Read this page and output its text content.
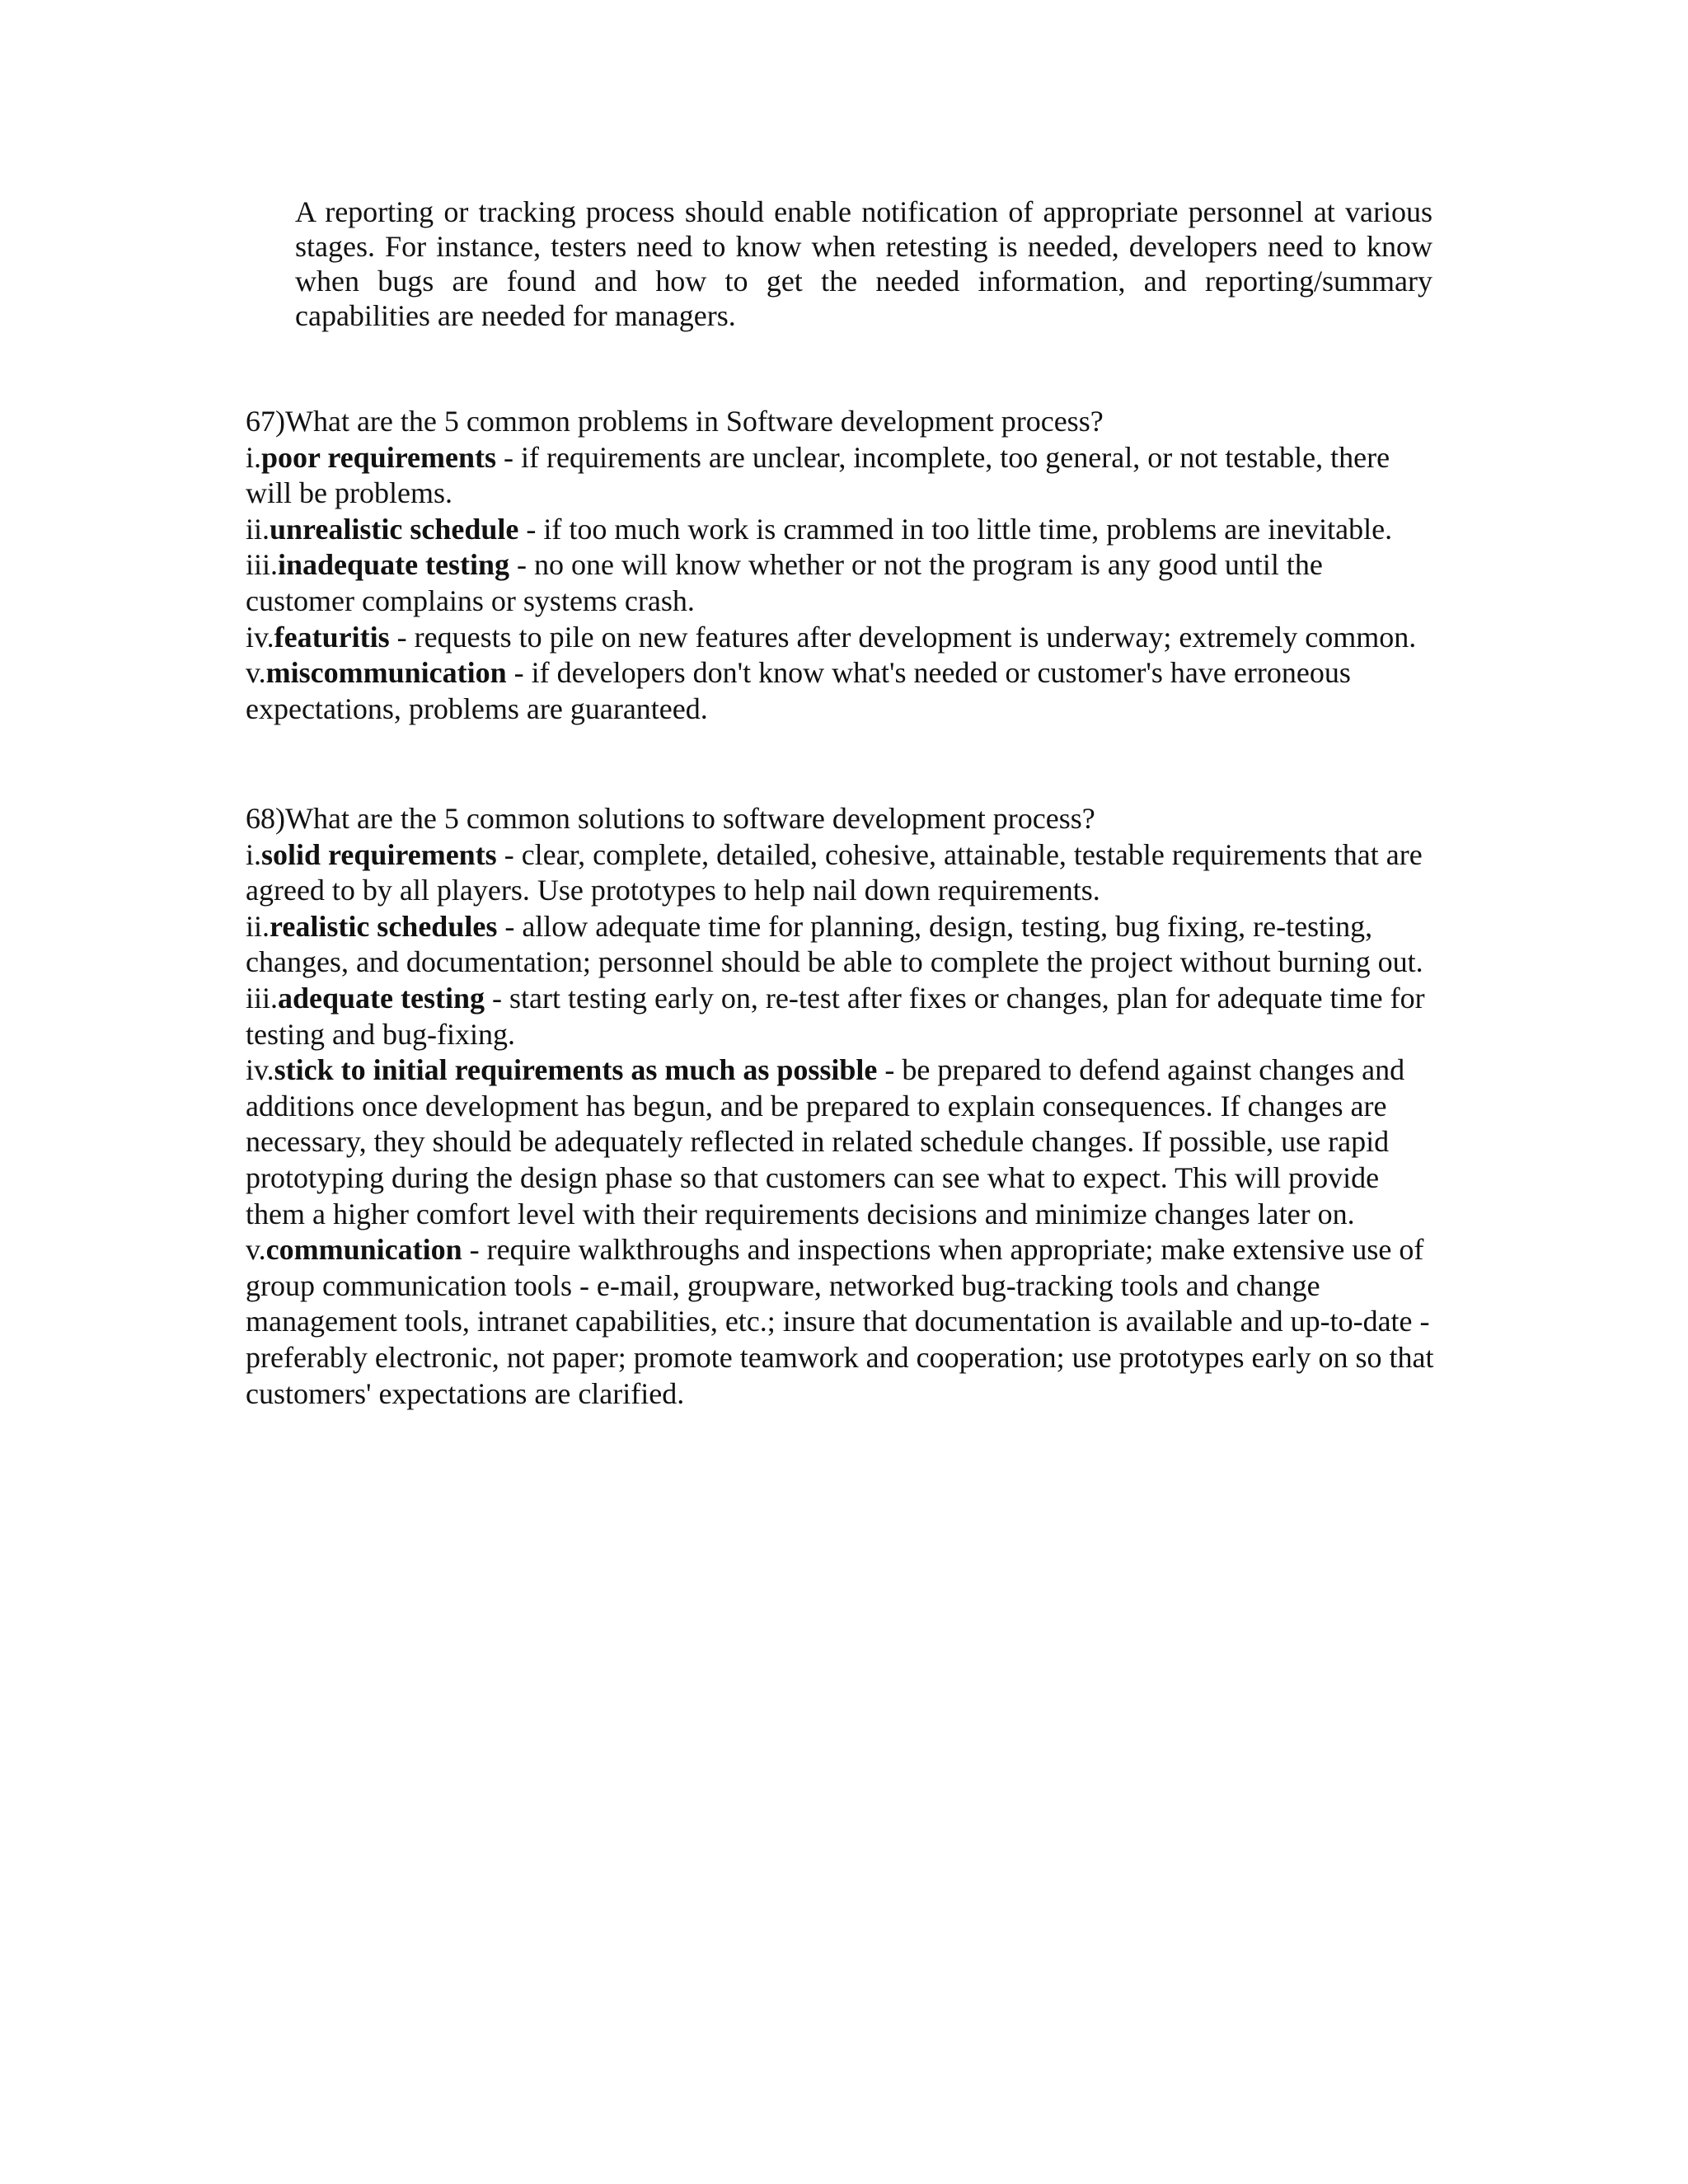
A reporting or tracking process should enable notification of appropriate personnel at various stages. For instance, testers need to know when retesting is needed, developers need to know when bugs are found and how to get the needed information, and reporting/summary capabilities are needed for managers.

67)What are the 5 common problems in Software development process?

i.poor requirements - if requirements are unclear, incomplete, too general, or not testable, there will be problems.

ii.unrealistic schedule - if too much work is crammed in too little time, problems are inevitable.

iii.inadequate testing - no one will know whether or not the program is any good until the customer complains or systems crash.

iv.featuritis - requests to pile on new features after development is underway; extremely common.

v.miscommunication - if developers don't know what's needed or customer's have erroneous expectations, problems are guaranteed.

68)What are the 5 common solutions to software development process?

i.solid requirements - clear, complete, detailed, cohesive, attainable, testable requirements that are agreed to by all players. Use prototypes to help nail down requirements.

ii.realistic schedules - allow adequate time for planning, design, testing, bug fixing, re-testing, changes, and documentation; personnel should be able to complete the project without burning out.

iii.adequate testing - start testing early on, re-test after fixes or changes, plan for adequate time for testing and bug-fixing.

iv.stick to initial requirements as much as possible - be prepared to defend against changes and additions once development has begun, and be prepared to explain consequences. If changes are necessary, they should be adequately reflected in related schedule changes. If possible, use rapid prototyping during the design phase so that customers can see what to expect. This will provide them a higher comfort level with their requirements decisions and minimize changes later on.

v.communication - require walkthroughs and inspections when appropriate; make extensive use of group communication tools - e-mail, groupware, networked bug-tracking tools and change management tools, intranet capabilities, etc.; insure that documentation is available and up-to-date - preferably electronic, not paper; promote teamwork and cooperation; use prototypes early on so that customers' expectations are clarified.
